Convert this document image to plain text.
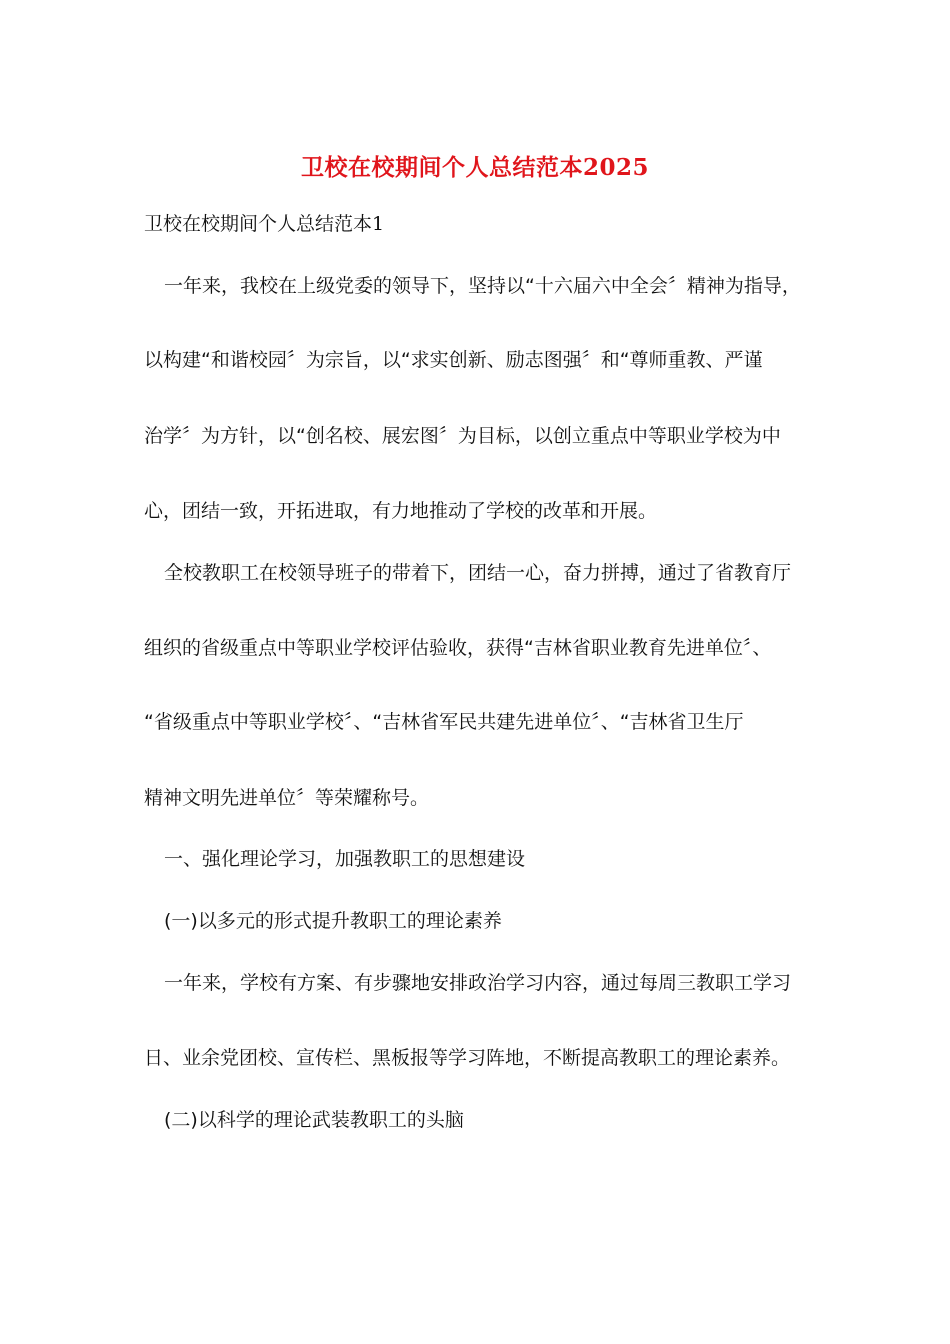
卫校在校期间个人总结范本2025
卫校在校期间个人总结范本1
一年来，我校在上级党委的领导下，坚持以“十六届六中全会〞精神为指导，
以构建“和谐校园〞为宗旨，以“求实创新、励志图强〞和“尊师重教、严谨
治学〞为方针，以“创名校、展宏图〞为目标，以创立重点中等职业学校为中
心，团结一致，开拓进取，有力地推动了学校的改革和开展。
全校教职工在校领导班子的带着下，团结一心，奋力拼搏，通过了省教育厅
组织的省级重点中等职业学校评估验收，获得“吉林省职业教育先进单位〞、
“省级重点中等职业学校〞、“吉林省军民共建先进单位〞、“吉林省卫生厅
精神文明先进单位〞等荣耀称号。
一、强化理论学习，加强教职工的思想建设
(一)以多元的形式提升教职工的理论素养
一年来，学校有方案、有步骤地安排政治学习内容，通过每周三教职工学习
日、业余党团校、宣传栏、黑板报等学习阵地，不断提高教职工的理论素养。
(二)以科学的理论武装教职工的头脑
